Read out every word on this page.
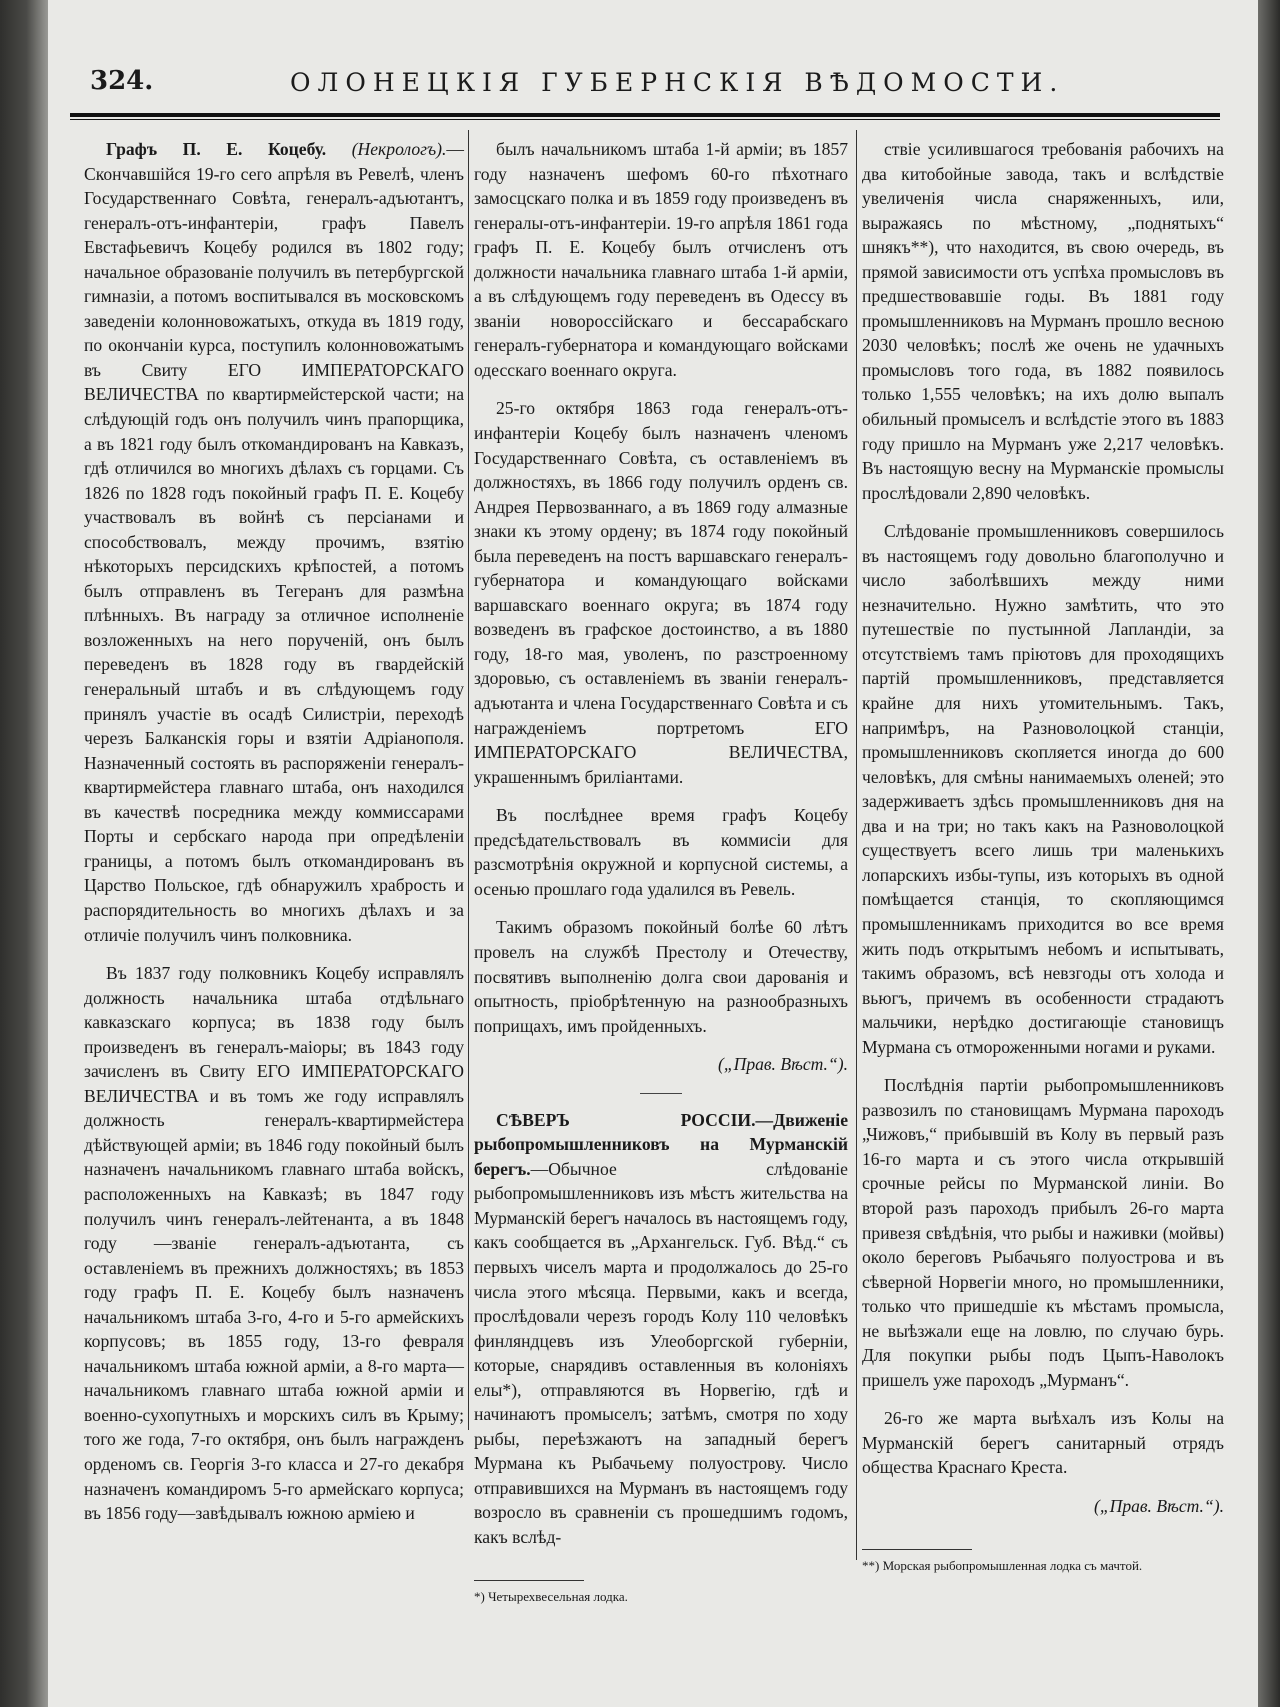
324.	ОЛОНЕЦКІЯ ГУБЕРНСКІЯ ВѢДОМОСТИ.

Графъ П. Е. Коцебу. (Некрологъ).—Скончавшійся 19-го сего апрѣля въ Ревелѣ, членъ Государственнаго Совѣта, генералъ-адъютантъ, генералъ-отъ-инфантеріи, графъ Павелъ Евстафьевичъ Коцебу родился въ 1802 году; начальное образованіе получилъ въ петербургской гимназіи, а потомъ воспитывался въ московскомъ заведеніи колонновожатыхъ, откуда въ 1819 году, по окончаніи курса, поступилъ колонновожатымъ въ Свиту ЕГО ИМПЕРАТОРСКАГО ВЕЛИЧЕСТВА по квартирмейстерской части; на слѣдующій годъ онъ получилъ чинъ прапорщика, а въ 1821 году былъ откомандированъ на Кавказъ, гдѣ отличился во многихъ дѣлахъ съ горцами. Съ 1826 по 1828 годъ покойный графъ П. Е. Коцебу участвовалъ въ войнѣ съ персіанами и способствовалъ, между прочимъ, взятію нѣкоторыхъ персидскихъ крѣпостей, а потомъ былъ отправленъ въ Тегеранъ для размѣна плѣнныхъ. Въ награду за отличное исполненіе возложенныхъ на него порученій, онъ былъ переведенъ въ 1828 году въ гвардейскій генеральный штабъ и въ слѣдующемъ году принялъ участіе въ осадѣ Силистріи, переходѣ черезъ Балканскія горы и взятіи Адріанополя. Назначенный состоять въ распоряженіи генералъ-квартирмейстера главнаго штаба, онъ находился въ качествѣ посредника между коммиссарами Порты и сербскаго народа при опредѣленіи границы, а потомъ былъ откомандированъ въ Царство Польское, гдѣ обнаружилъ храбрость и распорядительность во многихъ дѣлахъ и за отличіе получилъ чинъ полковника.

Въ 1837 году полковникъ Коцебу исправлялъ должность начальника штаба отдѣльнаго кавказскаго корпуса; въ 1838 году былъ произведенъ въ генералъ-маіоры; въ 1843 году зачисленъ въ Свиту ЕГО ИМПЕРАТОРСКАГО ВЕЛИЧЕСТВА и въ томъ же году исправлялъ должность генералъ-квартирмейстера дѣйствующей арміи; въ 1846 году покойный былъ назначенъ начальникомъ главнаго штаба войскъ, расположенныхъ на Кавказѣ; въ 1847 году получилъ чинъ генералъ-лейтенанта, а въ 1848 году —званіе генералъ-адъютанта, съ оставленіемъ въ прежнихъ должностяхъ; въ 1853 году графъ П. Е. Коцебу былъ назначенъ начальникомъ штаба 3-го, 4-го и 5-го армейскихъ корпусовъ; въ 1855 году, 13-го февраля начальникомъ штаба южной арміи, а 8-го марта—начальникомъ главнаго штаба южной арміи и военно-сухопутныхъ и морскихъ силъ въ Крыму; того же года, 7-го октября, онъ былъ награжденъ орденомъ св. Георгія 3-го класса и 27-го декабря назначенъ командиромъ 5-го армейскаго корпуса; въ 1856 году—завѣдывалъ южною арміею и

былъ начальникомъ штаба 1-й арміи; въ 1857 году назначенъ шефомъ 60-го пѣхотнаго замосцскаго полка и въ 1859 году произведенъ въ генералы-отъ-инфантеріи. 19-го апрѣля 1861 года графъ П. Е. Коцебу былъ отчисленъ отъ должности начальника главнаго штаба 1-й арміи, а въ слѣдующемъ году переведенъ въ Одессу въ званіи новороссійскаго и бессарабскаго генералъ-губернатора и командующаго войсками одесскаго военнаго округа.

25-го октября 1863 года генералъ-отъ-инфантеріи Коцебу былъ назначенъ членомъ Государственнаго Совѣта, съ оставленіемъ въ должностяхъ, въ 1866 году получилъ орденъ св. Андрея Первозваннаго, а въ 1869 году алмазные знаки къ этому ордену; въ 1874 году покойный была переведенъ на постъ варшавскаго генералъ-губернатора и командующаго войсками варшавскаго военнаго округа; въ 1874 году возведенъ въ графское достоинство, а въ 1880 году, 18-го мая, уволенъ, по разстроенному здоровью, съ оставленіемъ въ званіи генералъ-адъютанта и члена Государственнаго Совѣта и съ награжденіемъ портретомъ ЕГО ИМПЕРАТОРСКАГО ВЕЛИЧЕСТВА, украшеннымъ бриліантами.

Въ послѣднее время графъ Коцебу предсѣдательствовалъ въ коммисіи для разсмотрѣнія окружной и корпусной системы, а осенью прошлаго года удалился въ Ревель.

Такимъ образомъ покойный болѣе 60 лѣтъ провелъ на службѣ Престолу и Отечеству, посвятивъ выполненію долга свои дарованія и опытность, пріобрѣтенную на разнообразныхъ поприщахъ, имъ пройденныхъ.

(„Прав. Вѣст.“).

СѢВЕРЪ РОССІИ.—Движеніе рыбопромышленниковъ на Мурманскій берегъ.—Обычное слѣдованіе рыбопромышленниковъ изъ мѣстъ жительства на Мурманскій берегъ началось въ настоящемъ году, какъ сообщается въ „Архангельск. Губ. Вѣд.“ съ первыхъ чиселъ марта и продолжалось до 25-го числа этого мѣсяца. Первыми, какъ и всегда, прослѣдовали черезъ городъ Колу 110 человѣкъ финляндцевъ изъ Улеоборгской губерніи, которые, снарядивъ оставленныя въ колоніяхъ елы*), отправляются въ Норвегію, гдѣ и начинаютъ промыселъ; затѣмъ, смотря по ходу рыбы, переѣзжаютъ на западный берегъ Мурмана къ Рыбачьему полуострову. Число отправившихся на Мурманъ въ настоящемъ году возросло въ сравненіи съ прошедшимъ годомъ, какъ вслѣд-

*) Четырехвесельная лодка.

ствіе усилившагося требованія рабочихъ на два китобойные завода, такъ и вслѣдствіе увеличенія числа снаряженныхъ, или, выражаясь по мѣстному, „поднятыхъ“ шнякъ**), что находится, въ свою очередь, въ прямой зависимости отъ успѣха промысловъ въ предшествовавшіе годы. Въ 1881 году промышленниковъ на Мурманъ прошло весною 2030 человѣкъ; послѣ же очень не удачныхъ промысловъ того года, въ 1882 появилось только 1,555 человѣкъ; на ихъ долю выпалъ обильный промыселъ и вслѣдстіе этого въ 1883 году пришло на Мурманъ уже 2,217 человѣкъ. Въ настоящую весну на Мурманскіе промыслы прослѣдовали 2,890 человѣкъ.

Слѣдованіе промышленниковъ совершилось въ настоящемъ году довольно благополучно и число заболѣвшихъ между ними незначительно. Нужно замѣтить, что это путешествіе по пустынной Лапландіи, за отсутствіемъ тамъ пріютовъ для проходящихъ партій промышленниковъ, представляется крайне для нихъ утомительнымъ. Такъ, напримѣръ, на Разноволоцкой станціи, промышленниковъ скопляется иногда до 600 человѣкъ, для смѣны нанимаемыхъ оленей; это задерживаетъ здѣсь промышленниковъ дня на два и на три; но такъ какъ на Разноволоцкой существуетъ всего лишь три маленькихъ лопарскихъ избы-тупы, изъ которыхъ въ одной помѣщается станція, то скопляющимся промышленникамъ приходится во все время жить подъ открытымъ небомъ и испытывать, такимъ образомъ, всѣ невзгоды отъ холода и вьюгъ, причемъ въ особенности страдаютъ мальчики, нерѣдко достигающіе становищъ Мурмана съ отмороженными ногами и руками.

Послѣднія партіи рыбопромышленниковъ развозилъ по становищамъ Мурмана пароходъ „Чижовъ,“ прибывшій въ Колу въ первый разъ 16-го марта и съ этого числа открывшій срочные рейсы по Мурманской линіи. Во второй разъ пароходъ прибылъ 26-го марта привезя свѣдѣнія, что рыбы и наживки (мойвы) около береговъ Рыбачьяго полуострова и въ сѣверной Норвегіи много, но промышленники, только что пришедшіе къ мѣстамъ промысла, не выѣзжали еще на ловлю, по случаю бурь. Для покупки рыбы подъ Цыпъ-Наволокъ пришелъ уже пароходъ „Мурманъ“.

26-го же марта выѣхалъ изъ Колы на Мурманскій берегъ санитарный отрядъ общества Краснаго Креста.

(„Прав. Вѣст.“).

**) Морская рыбопромышленная лодка съ мачтой.
